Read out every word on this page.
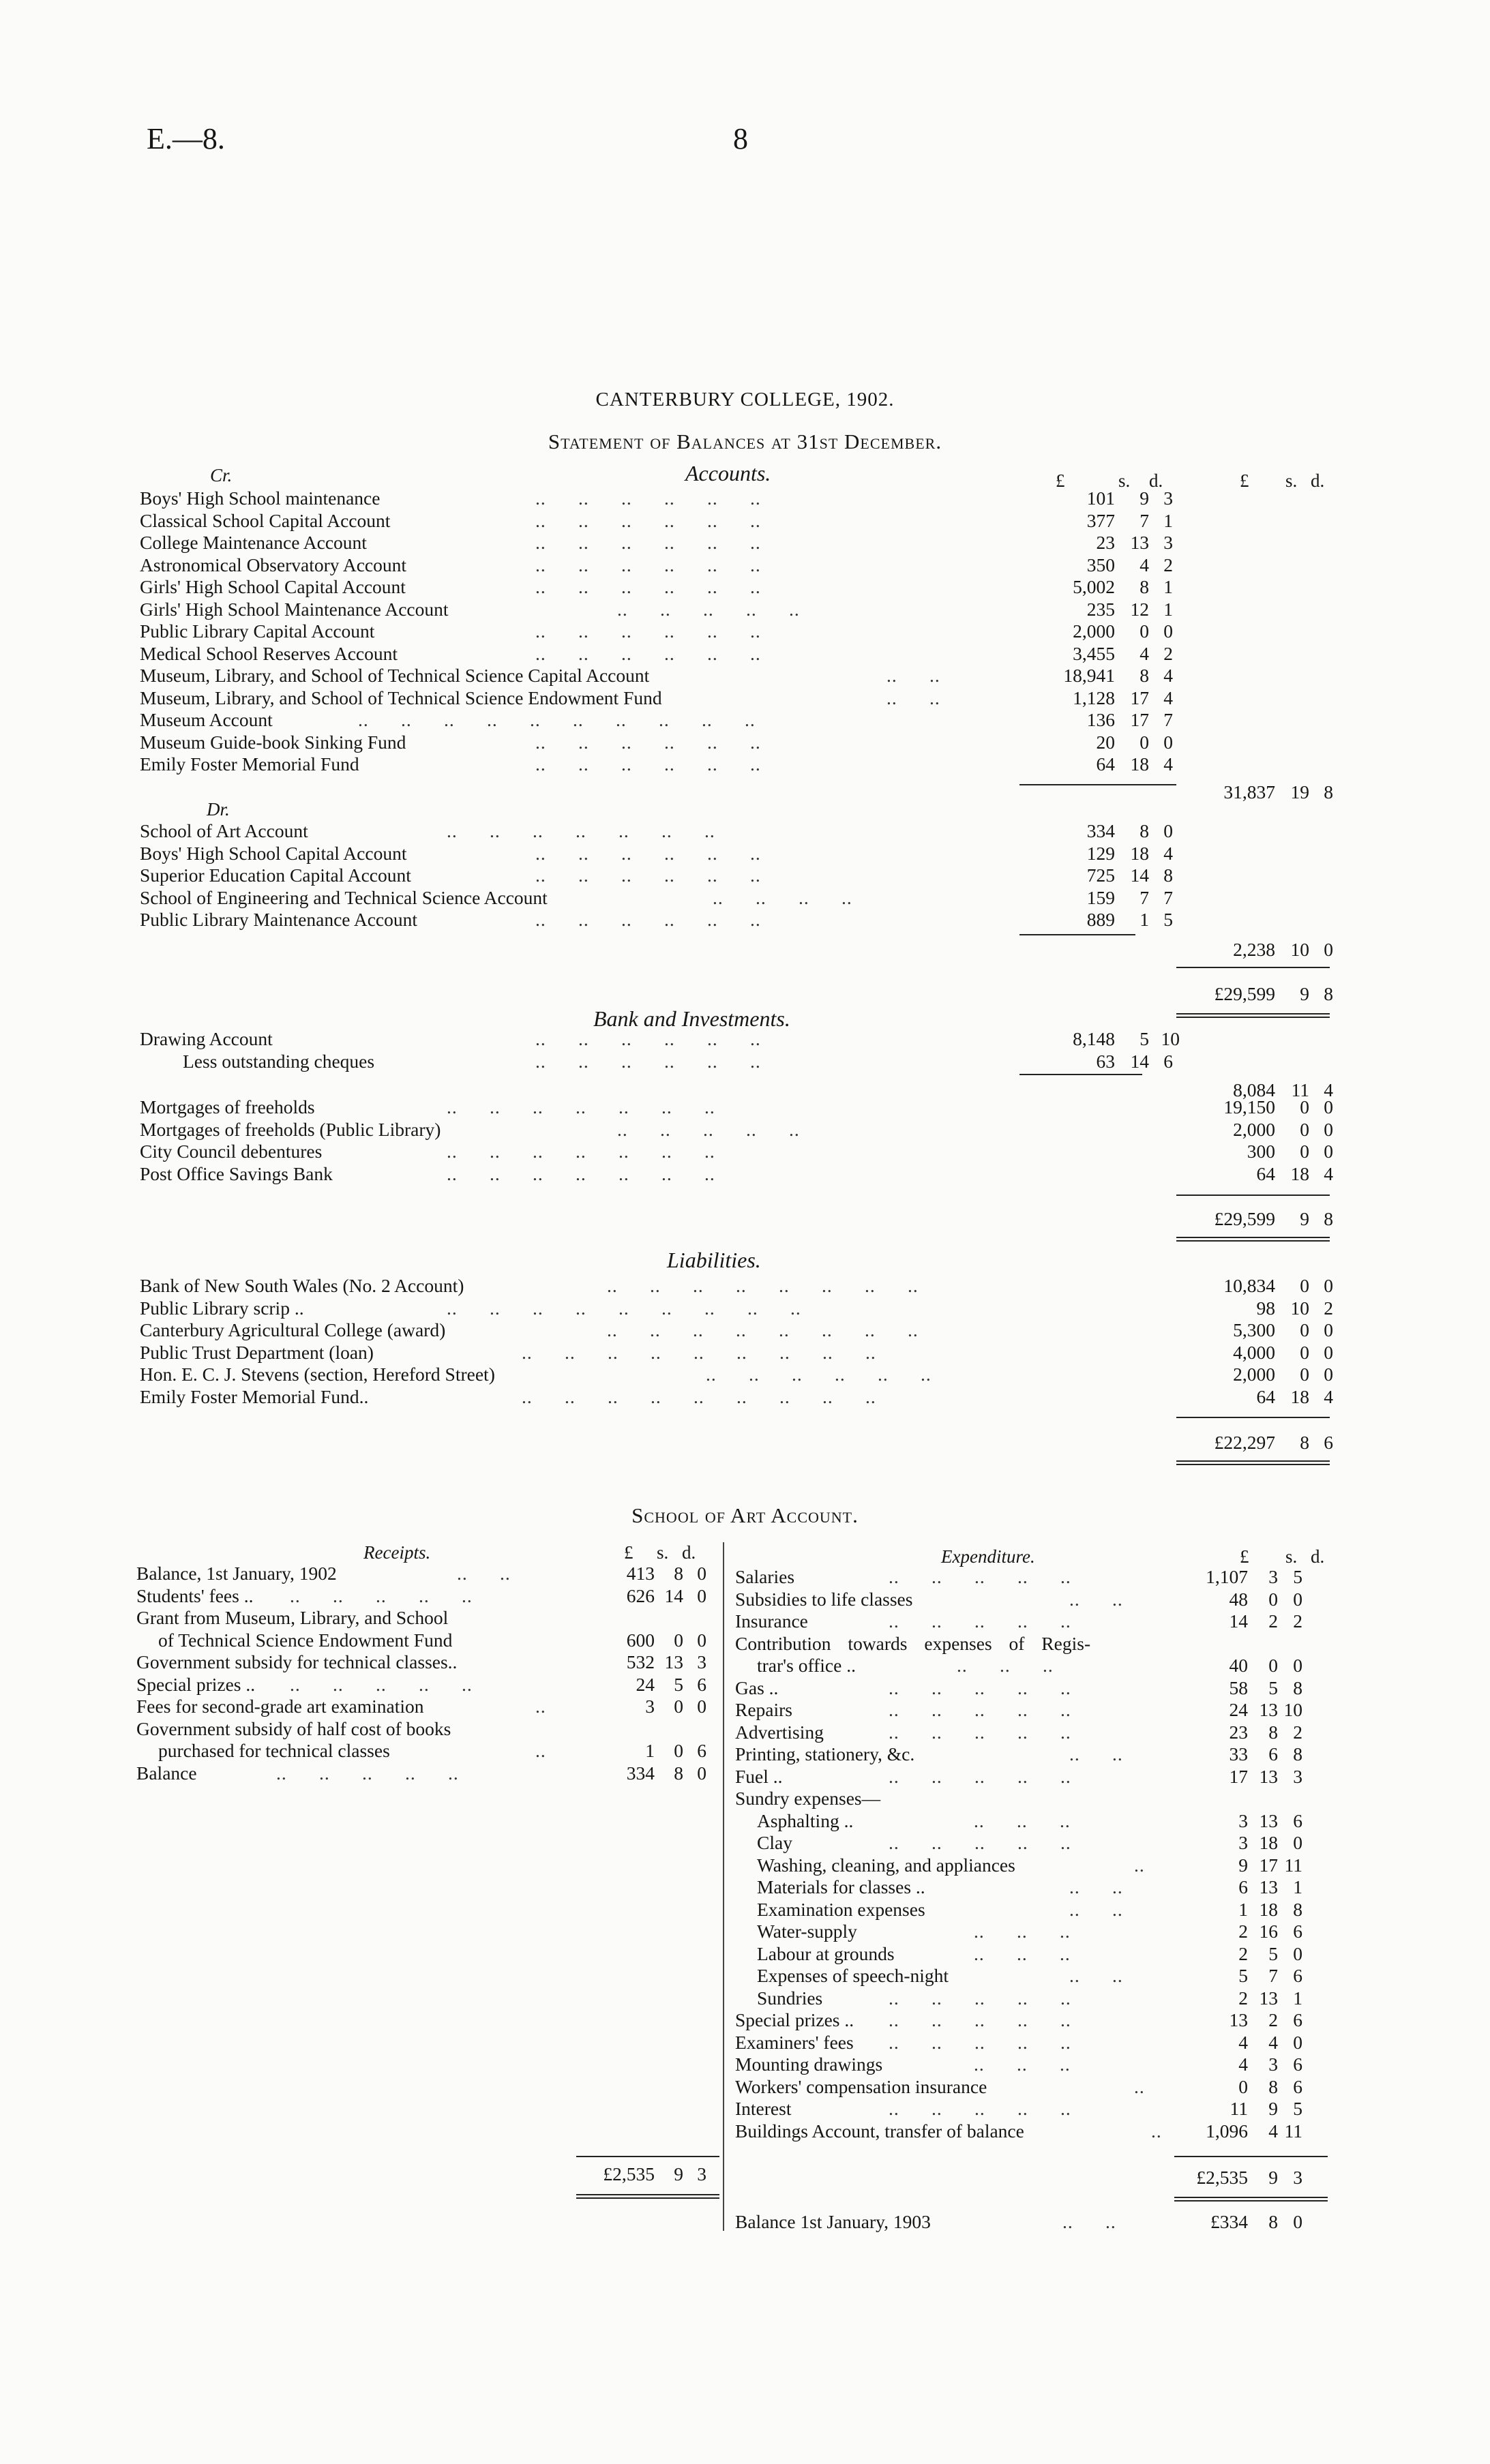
E.—8.	8
CANTERBURY COLLEGE, 1902.
Statement of Balances at 31st December.
Accounts.	£	s. d.	£ s. d.
Cr.
Boys' High School maintenance	..      ..      ..      ..      ..      ..	101	9 3
Classical School Capital Account	..      ..      ..      ..      ..      ..	377	7 1
College Maintenance Account	..      ..      ..      ..      ..      ..	23 13 3
Astronomical Observatory Account	..      ..      ..      ..      ..      ..	350	4 2
Girls' High School Capital Account	..      ..      ..      ..      ..      ..	5,002	8 1
Girls' High School Maintenance Account	..      ..      ..      ..      ..	235 12 1
Public Library Capital Account	..      ..      ..      ..      ..      ..	2,000	0 0
Medical School Reserves Account	..      ..      ..      ..      ..      ..	3,455	4 2
Museum, Library, and School of Technical Science Capital Account	..      ..	18,941	8 4
Museum, Library, and School of Technical Science Endowment Fund	..      ..	1,128 17 4
Museum Account	..      ..      ..      ..      ..      ..      ..      ..      ..      ..	136 17 7
Museum Guide-book Sinking Fund	..      ..      ..      ..      ..      ..	20	0 0
Emily Foster Memorial Fund	..      ..      ..      ..      ..      ..	64 18 4
31,837 19 8
Dr.
School of Art Account	..      ..      ..      ..      ..      ..      ..	334	8 0
Boys' High School Capital Account	..      ..      ..      ..      ..      ..	129 18 4
Superior Education Capital Account	..      ..      ..      ..      ..      ..	725 14 8
School of Engineering and Technical Science Account	..      ..      ..      ..	159	7 7
Public Library Maintenance Account	..      ..      ..      ..      ..      ..	889	1 5
2,238 10 0
£29,599	9 8
Bank and Investments.
Drawing Account	..      ..      ..      ..      ..      ..	8,148	5 10
Less outstanding cheques	..      ..      ..      ..      ..      ..	63 14 6
8,084 11 4
Mortgages of freeholds	..      ..      ..      ..      ..      ..      ..	19,150	0 0
Mortgages of freeholds (Public Library)	..      ..      ..      ..      ..	2,000	0 0
City Council debentures	..      ..      ..      ..      ..      ..      ..	300	0 0
Post Office Savings Bank	..      ..      ..      ..      ..      ..      ..	64 18 4
£29,599	9 8
Liabilities.
Bank of New South Wales (No. 2 Account)	..      ..      ..      ..      ..      ..      ..      ..	10,834	0 0
Public Library scrip ..	..      ..      ..      ..      ..      ..      ..      ..      ..	98 10 2
Canterbury Agricultural College (award)	..      ..      ..      ..      ..      ..      ..      ..	5,300	0 0
Public Trust Department (loan)	..      ..      ..      ..      ..      ..      ..      ..      ..	4,000	0 0
Hon. E. C. J. Stevens (section, Hereford Street)	..      ..      ..      ..      ..      ..	2,000	0 0
Emily Foster Memorial Fund..	..      ..      ..      ..      ..      ..      ..      ..      ..	64 18 4
£22,297	8 6
School of Art Account.
Receipts.	£ s. d.	Expenditure.	£ s. d.
Balance, 1st January, 1902	..      ..	413	8 0
Students' fees .. ..      ..      ..      ..      ..	626 14 0
Grant from Museum, Library, and School
of Technical Science Endowment Fund	600	0 0
Government subsidy for technical classes..	532 13 3
Special prizes .. ..      ..      ..      ..      ..	24	5 6
Fees for second-grade art examination	..	3	0 0
Government subsidy of half cost of books
purchased for technical classes	..	1	0 6
Balance	..      ..      ..      ..      ..	334	8 0
Salaries	..      ..      ..      ..      ..	1,107	3 5
Subsidies to life classes	..      ..	48	0 0
Insurance	..      ..      ..      ..      ..	14	2 2
Contribution towards expenses of Regis-
trar's office ..	..      ..      ..	40	0 0
Gas ..	..      ..      ..      ..      ..	58	5 8
Repairs	..      ..      ..      ..      ..	24 13 10
Advertising	..      ..      ..      ..      ..	23	8 2
Printing, stationery, &c.	..      ..	33	6 8
Fuel ..	..      ..      ..      ..      ..	17 13 3
Sundry expenses—
Asphalting ..	..      ..      ..	3 13 6
Clay	..      ..      ..      ..      ..	3 18 0
Washing, cleaning, and appliances	..	9 17 11
Materials for classes ..	..      ..	6 13 1
Examination expenses	..      ..	1 18 8
Water-supply	..      ..      ..	2 16 6
Labour at grounds	..      ..      ..	2	5 0
Expenses of speech-night	..      ..	5	7 6
Sundries	..      ..      ..      ..      ..	2 13 1
Special prizes .. ..      ..      ..      ..      ..	13	2 6
Examiners' fees ..      ..      ..      ..      ..	4	4 0
Mounting drawings	..      ..      ..	4	3 6
Workers' compensation insurance	..	0	8 6
Interest	..      ..      ..      ..      ..	11	9 5
Buildings Account, transfer of balance	..	1,096	4 11
£2,535	9 3	£2,535	9 3
Balance 1st January, 1903	..      ..	£334	8 0
